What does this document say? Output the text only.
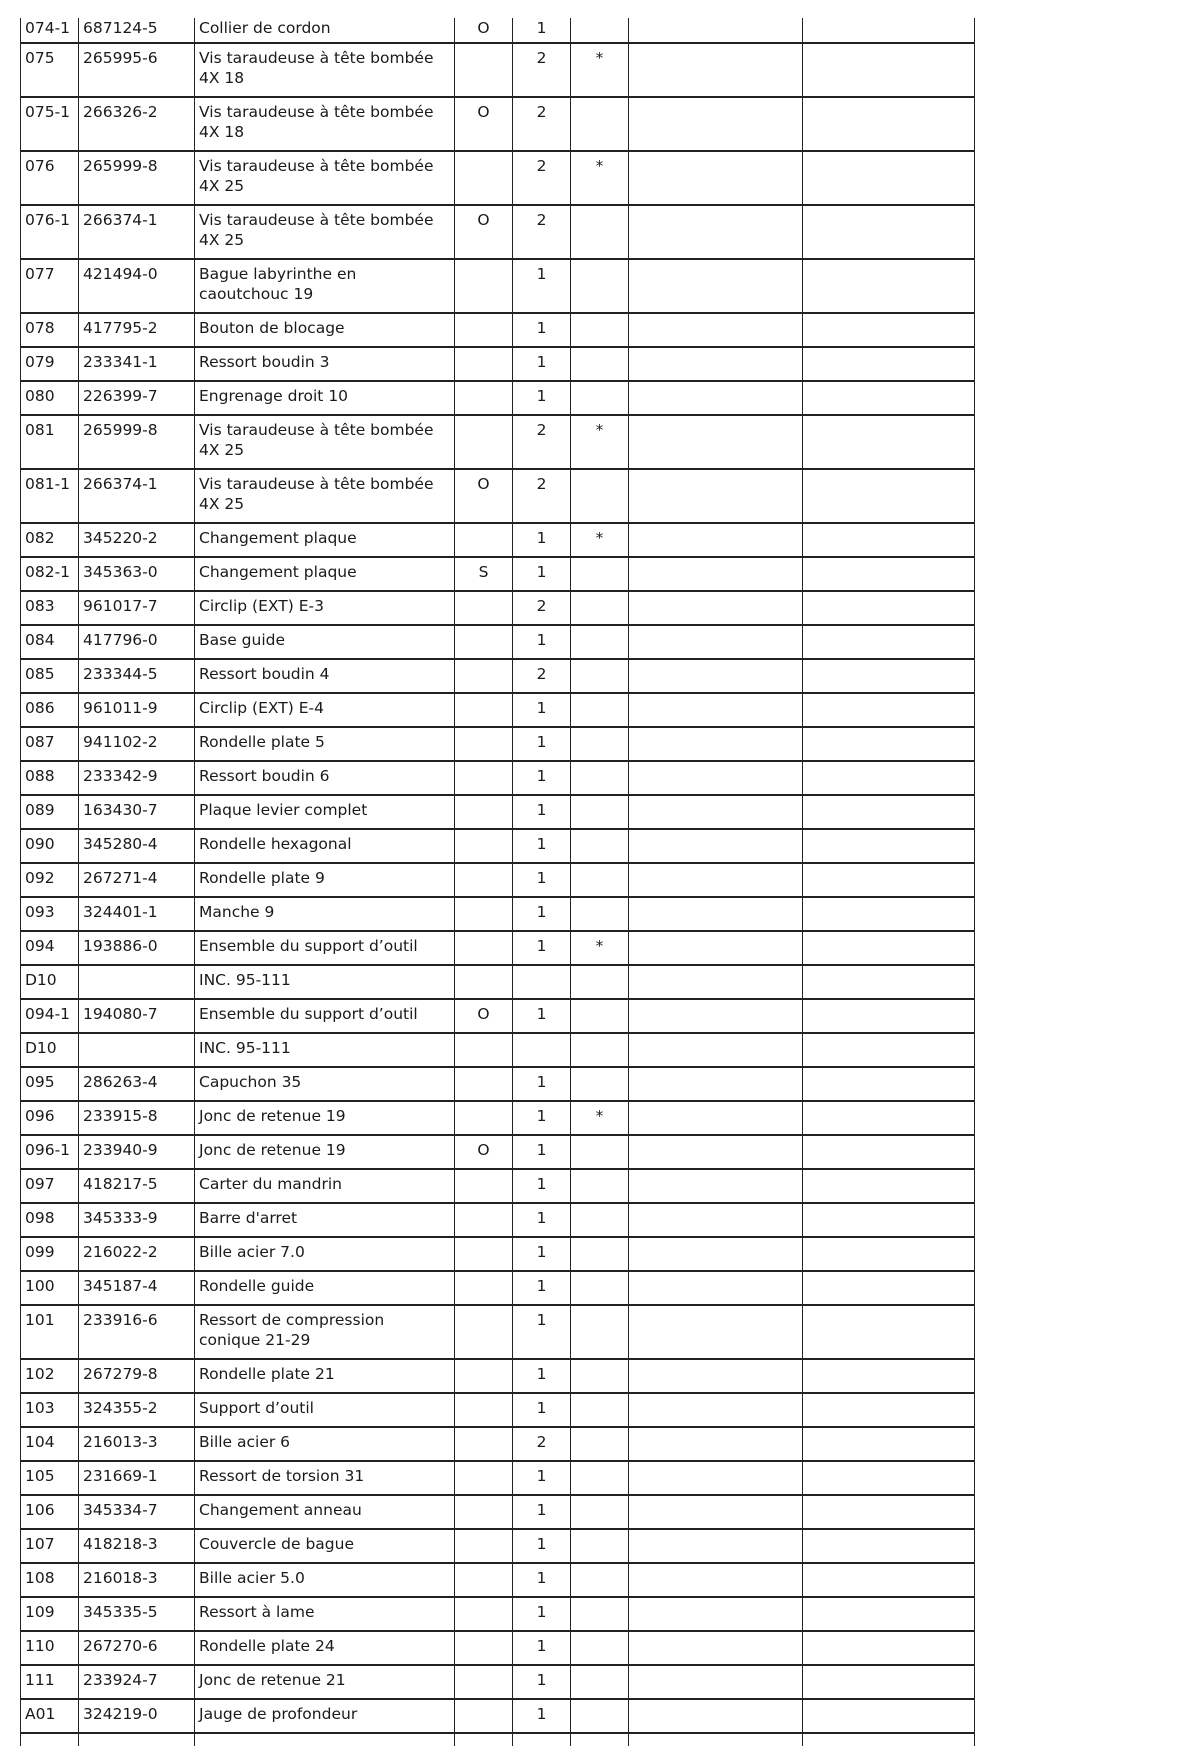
074-1	687124-5	Collier de cordon	O	1			
075	265995-6	Vis taraudeuse à tête bombée 4X 18		2	*		
075-1	266326-2	Vis taraudeuse à tête bombée 4X 18	O	2			
076	265999-8	Vis taraudeuse à tête bombée 4X 25		2	*		
076-1	266374-1	Vis taraudeuse à tête bombée 4X 25	O	2			
077	421494-0	Bague labyrinthe en caoutchouc 19		1			
078	417795-2	Bouton de blocage		1			
079	233341-1	Ressort boudin 3		1			
080	226399-7	Engrenage droit 10		1			
081	265999-8	Vis taraudeuse à tête bombée 4X 25		2	*		
081-1	266374-1	Vis taraudeuse à tête bombée 4X 25	O	2			
082	345220-2	Changement plaque		1	*		
082-1	345363-0	Changement plaque	S	1			
083	961017-7	Circlip (EXT) E-3		2			
084	417796-0	Base guide		1			
085	233344-5	Ressort boudin 4		2			
086	961011-9	Circlip (EXT) E-4		1			
087	941102-2	Rondelle plate 5		1			
088	233342-9	Ressort boudin 6		1			
089	163430-7	Plaque levier complet		1			
090	345280-4	Rondelle hexagonal		1			
092	267271-4	Rondelle plate 9		1			
093	324401-1	Manche 9		1			
094	193886-0	Ensemble du support d’outil		1	*		
D10		INC. 95-111					
094-1	194080-7	Ensemble du support d’outil	O	1			
D10		INC. 95-111					
095	286263-4	Capuchon 35		1			
096	233915-8	Jonc de retenue 19		1	*		
096-1	233940-9	Jonc de retenue 19	O	1			
097	418217-5	Carter du mandrin		1			
098	345333-9	Barre d'arret		1			
099	216022-2	Bille acier 7.0		1			
100	345187-4	Rondelle guide		1			
101	233916-6	Ressort de compression conique 21-29		1			
102	267279-8	Rondelle plate 21		1			
103	324355-2	Support d’outil		1			
104	216013-3	Bille acier 6		2			
105	231669-1	Ressort de torsion 31		1			
106	345334-7	Changement anneau		1			
107	418218-3	Couvercle de bague		1			
108	216018-3	Bille acier 5.0		1			
109	345335-5	Ressort à lame		1			
110	267270-6	Rondelle plate 24		1			
111	233924-7	Jonc de retenue 21		1			
A01	324219-0	Jauge de profondeur		1			
